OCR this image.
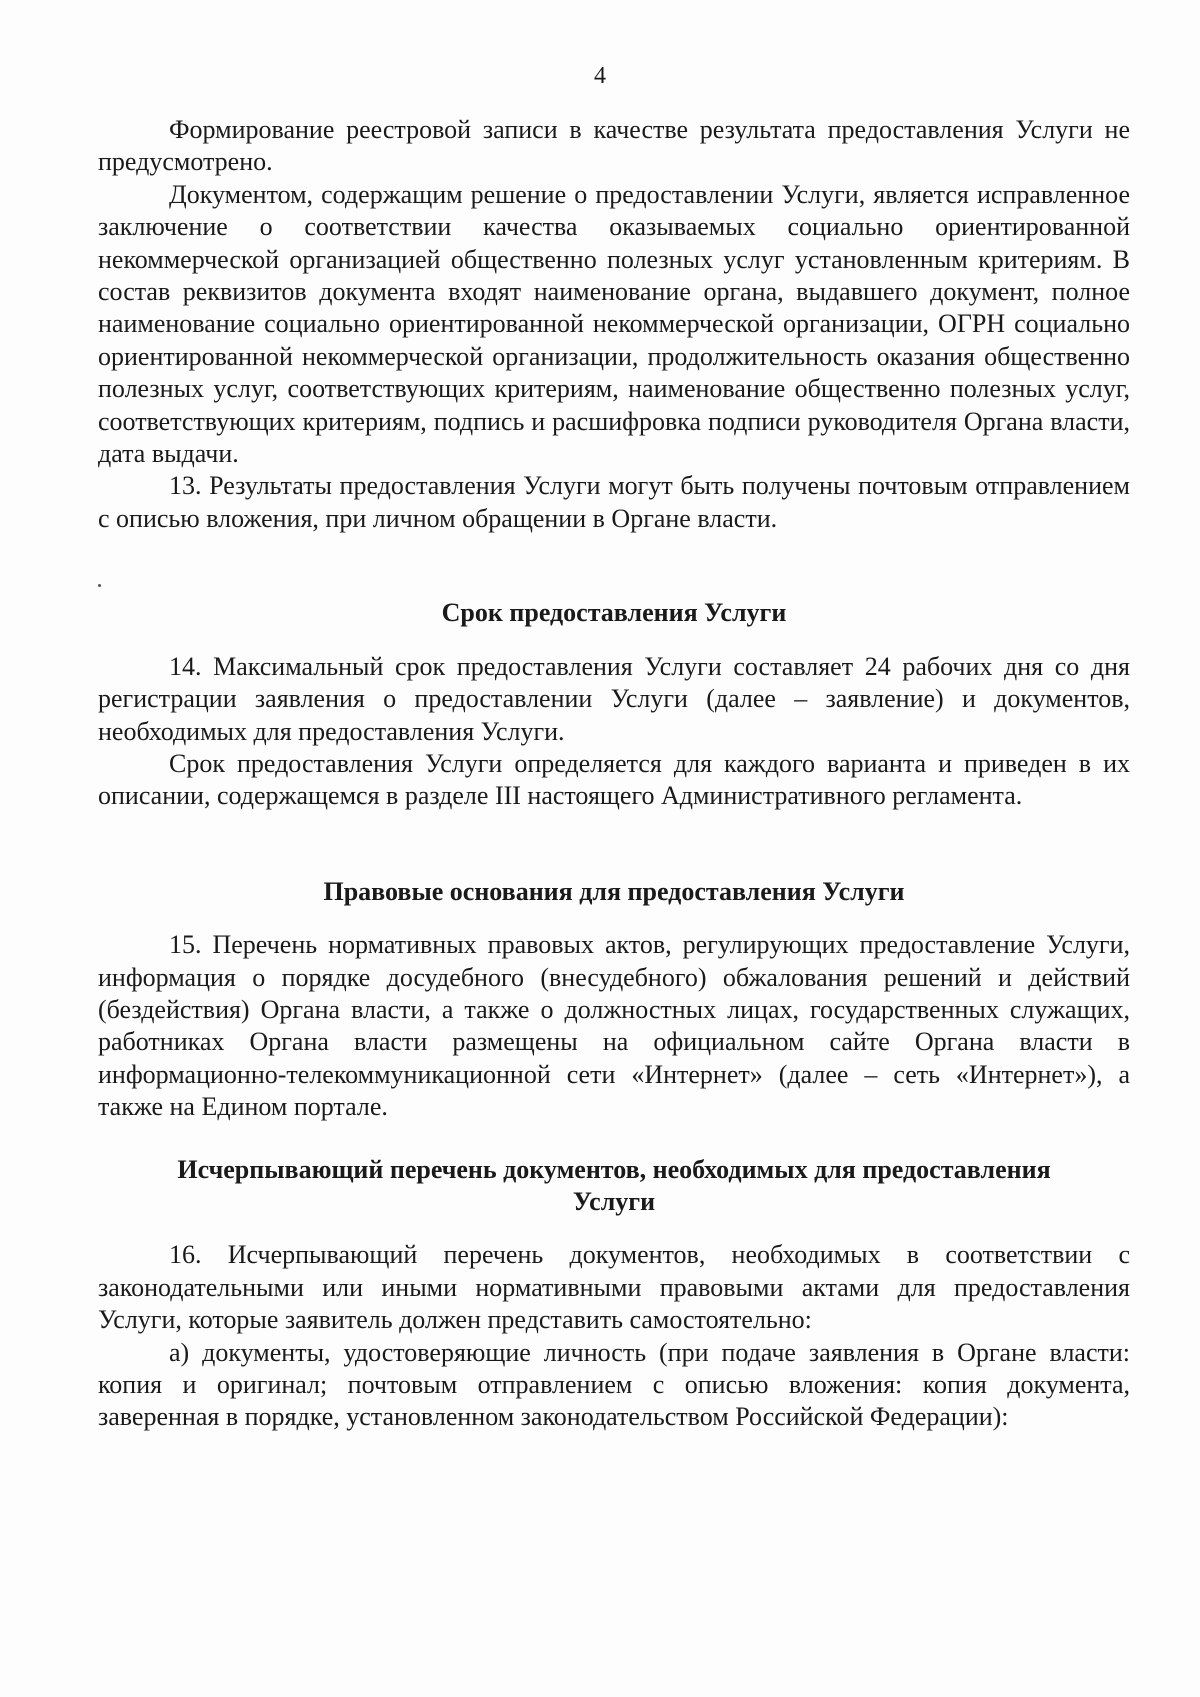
4

Формирование реестровой записи в качестве результата предоставления Услуги не предусмотрено.

Документом, содержащим решение о предоставлении Услуги, является исправленное заключение о соответствии качества оказываемых социально ориентированной некоммерческой организацией общественно полезных услуг установленным критериям. В состав реквизитов документа входят наименование органа, выдавшего документ, полное наименование социально ориентированной некоммерческой организации, ОГРН социально ориентированной некоммерческой организации, продолжительность оказания общественно полезных услуг, соответствующих критериям, наименование общественно полезных услуг, соответствующих критериям, подпись и расшифровка подписи руководителя Органа власти, дата выдачи.

13. Результаты предоставления Услуги могут быть получены почтовым отправлением с описью вложения, при личном обращении в Органе власти.

Срок предоставления Услуги

14. Максимальный срок предоставления Услуги составляет 24 рабочих дня со дня регистрации заявления о предоставлении Услуги (далее – заявление) и документов, необходимых для предоставления Услуги.

Срок предоставления Услуги определяется для каждого варианта и приведен в их описании, содержащемся в разделе III настоящего Административного регламента.

Правовые основания для предоставления Услуги

15. Перечень нормативных правовых актов, регулирующих предоставление Услуги, информация о порядке досудебного (внесудебного) обжалования решений и действий (бездействия) Органа власти, а также о должностных лицах, государственных служащих, работниках Органа власти размещены на официальном сайте Органа власти в информационно-телекоммуникационной сети «Интернет» (далее – сеть «Интернет»), а также на Едином портале.

Исчерпывающий перечень документов, необходимых для предоставления
Услуги

16. Исчерпывающий перечень документов, необходимых в соответствии с законодательными или иными нормативными правовыми актами для предоставления Услуги, которые заявитель должен представить самостоятельно:

а) документы, удостоверяющие личность (при подаче заявления в Органе власти: копия и оригинал; почтовым отправлением с описью вложения: копия документа, заверенная в порядке, установленном законодательством Российской Федерации):
